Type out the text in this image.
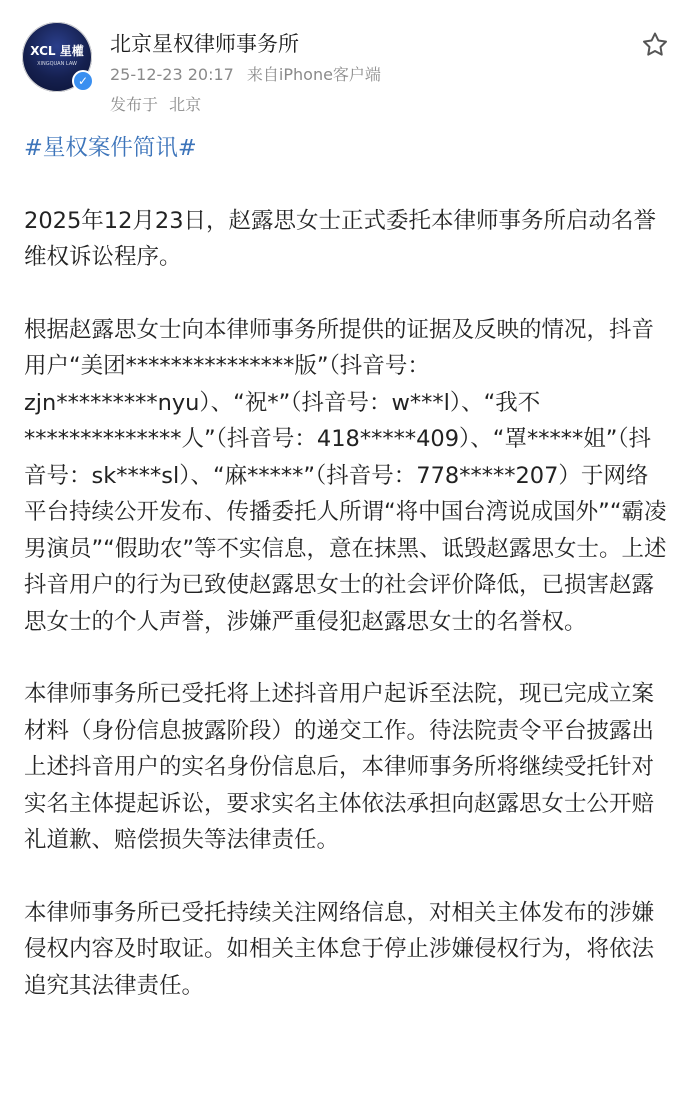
XCL 星權
XINGQUAN LAW
✓
北京星权律师事务所
25-12-23 20:17 来自iPhone客户端
发布于 北京

#星权案件简讯#

2025年12月23日，赵露思女士正式委托本律师事务所启动名誉维权诉讼程序。

根据赵露思女士向本律师事务所提供的证据及反映的情况，抖音用户“美团***************版”（抖音号：zjn*********nyu）、“祝*”（抖音号：w***l）、“我不**************人”（抖音号：418*****409）、“罩*****姐”（抖音号：sk****sl）、“麻*****”（抖音号：778*****207）于网络平台持续公开发布、传播委托人所谓“将中国台湾说成国外”“霸凌男演员”“假助农”等不实信息，意在抹黑、诋毁赵露思女士。上述抖音用户的行为已致使赵露思女士的社会评价降低，已损害赵露思女士的个人声誉，涉嫌严重侵犯赵露思女士的名誉权。

本律师事务所已受托将上述抖音用户起诉至法院，现已完成立案材料（身份信息披露阶段）的递交工作。待法院责令平台披露出上述抖音用户的实名身份信息后，本律师事务所将继续受托针对实名主体提起诉讼，要求实名主体依法承担向赵露思女士公开赔礼道歉、赔偿损失等法律责任。

本律师事务所已受托持续关注网络信息，对相关主体发布的涉嫌侵权内容及时取证。如相关主体怠于停止涉嫌侵权行为，将依法追究其法律责任。
